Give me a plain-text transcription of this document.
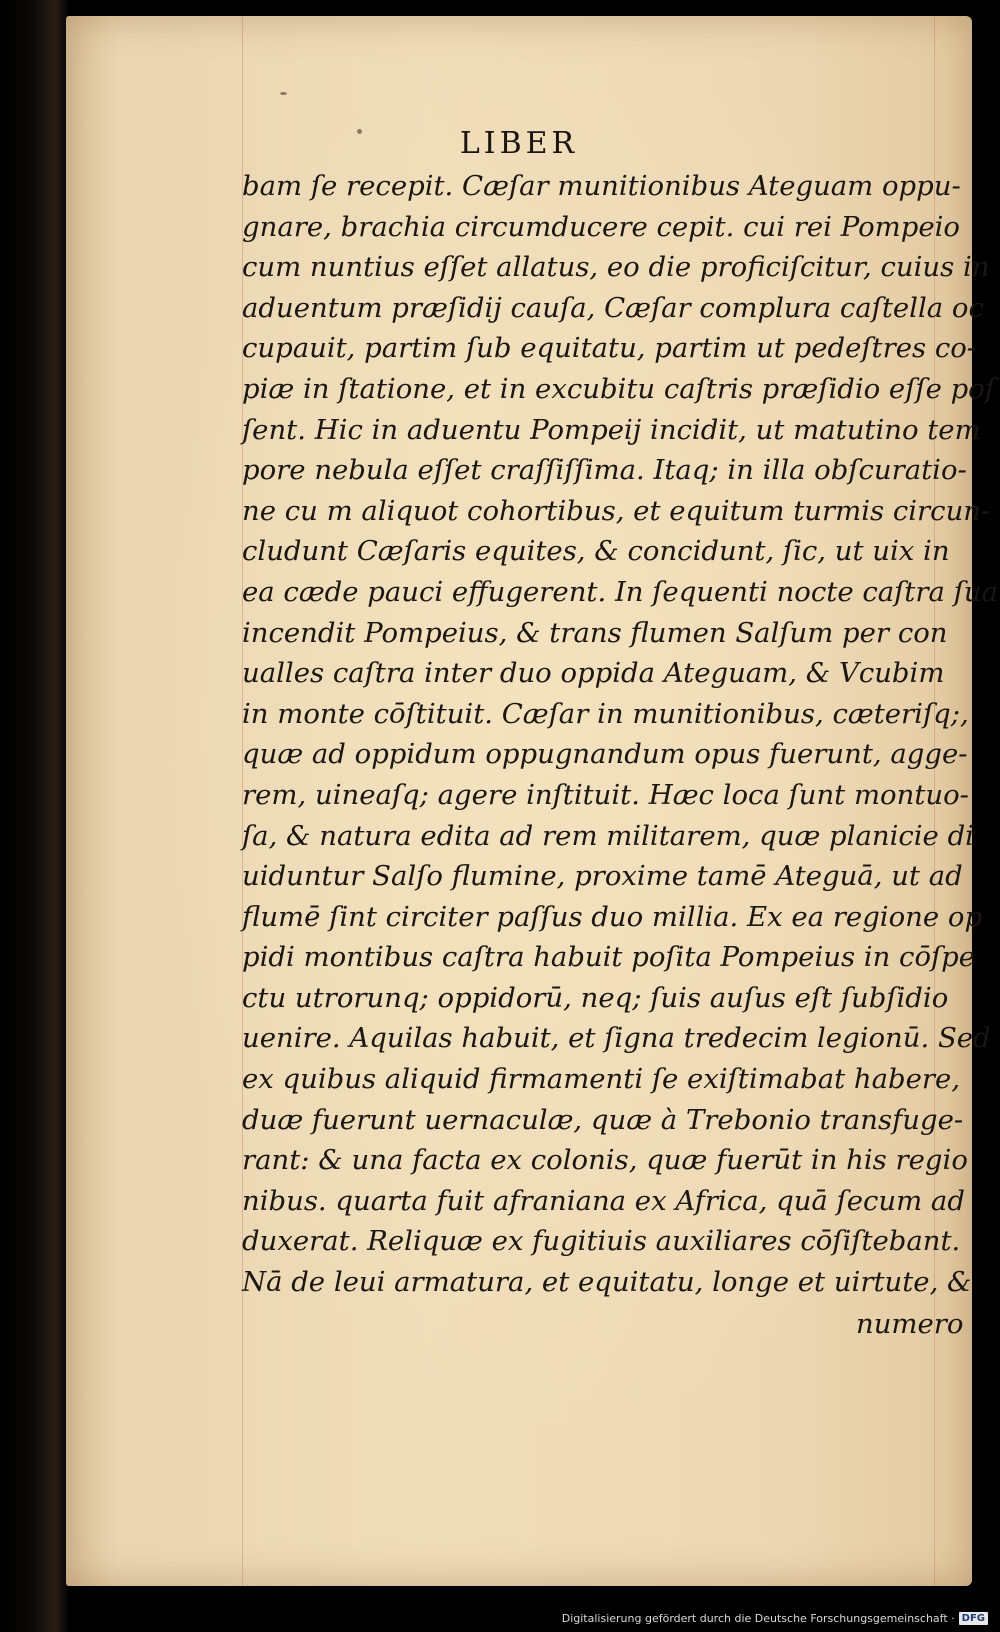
LIBER
bam ſe recepit. Cæſar munitionibus Ateguam oppu-
gnare, brachia circumducere cepit. cui rei Pompeio
cum nuntius eſſet allatus, eo die proficiſcitur, cuius in
aduentum præſidij cauſa, Cæſar complura caſtella oc
cupauit, partim ſub equitatu, partim ut pedeſtres co-
piæ in ſtatione, et in excubitu caſtris præſidio eſſe poſ
ſent. Hic in aduentu Pompeij incidit, ut matutino tem
pore nebula eſſet craſſiſſima. Itaq; in illa obſcuratio-
ne cu m aliquot cohortibus, et equitum turmis circun-
cludunt Cæſaris equites, & concidunt, ſic, ut uix in
ea cæde pauci effugerent. In ſequenti nocte caſtra ſua
incendit Pompeius, & trans flumen Salſum per con
ualles caſtra inter duo oppida Ateguam, & Vcubim
in monte cōſtituit. Cæſar in munitionibus, cæteriſq;,
quæ ad oppidum oppugnandum opus fuerunt, agge-
rem, uineaſq; agere inſtituit. Hæc loca ſunt montuo-
ſa, & natura edita ad rem militarem, quæ planicie di
uiduntur Salſo flumine, proxime tamē Ateguā, ut ad
flumē ſint circiter paſſus duo millia. Ex ea regione op
pidi montibus caſtra habuit poſita Pompeius in cōſpe
ctu utrorunq; oppidorū, neq; ſuis auſus eſt ſubſidio
uenire. Aquilas habuit, et ſigna tredecim legionū. Sed
ex quibus aliquid firmamenti ſe exiſtimabat habere,
duæ fuerunt uernaculæ, quæ à Trebonio transfuge-
rant: & una facta ex colonis, quæ fuerūt in his regio
nibus. quarta fuit afraniana ex Africa, quā ſecum ad
duxerat. Reliquæ ex fugitiuis auxiliares cōſiſtebant.
Nā de leui armatura, et equitatu, longe et uirtute, &
numero
Digitalisierung gefördert durch die Deutsche Forschungsgemeinschaft · DFG
